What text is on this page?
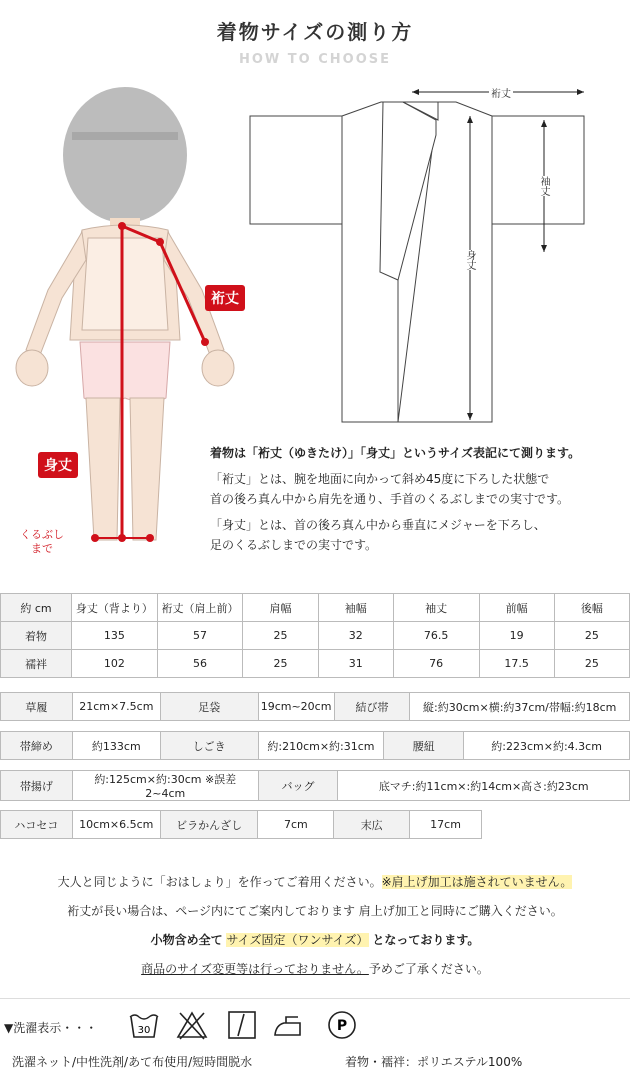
着物サイズの測り方
HOW TO CHOOSE
裄丈
身丈
くるぶし
まで
裄丈
袖丈
身丈
着物は「裄丈（ゆきたけ）」「身丈」というサイズ表記にて測ります。

「裄丈」とは、腕を地面に向かって斜め45度に下ろした状態で
首の後ろ真ん中から肩先を通り、手首のくるぶしまでの実寸です。

「身丈」とは、首の後ろ真ん中から垂直にメジャーを下ろし、
足のくるぶしまでの実寸です。

約 cm	身丈（背より）	裄丈（肩上前）	肩幅	袖幅	袖丈	前幅	後幅
着物	135	57	25	32	76.5	19	25
襦袢	102	56	25	31	76	17.5	25
草履	21cm×7.5cm	足袋	19cm~20cm	結び帯	縦:約30cm×横:約37cm/帯幅:約18cm
帯締め	約133cm	しごき	約:210cm×約:31cm	腰紐	約:223cm×約:4.3cm
帯揚げ	約:125cm×約:30cm ※誤差2~4cm	バッグ	底マチ:約11cm×:約14cm×高さ:約23cm
ハコセコ	10cm×6.5cm	ビラかんざし	7cm	末広	17cm
大人と同じように「おはしょり」を作ってご着用ください。※肩上げ加工は施されていません。
裄丈が長い場合は、ページ内にてご案内しております 肩上げ加工と同時にご購入ください。
小物含め全て サイズ固定（ワンサイズ） となっております。
商品のサイズ変更等は行っておりません。予めご了承ください。
▼洗濯表示・・・	30	P
洗濯ネット/中性洗剤/あて布使用/短時間脱水	着物・襦袢：ポリエステル100%
